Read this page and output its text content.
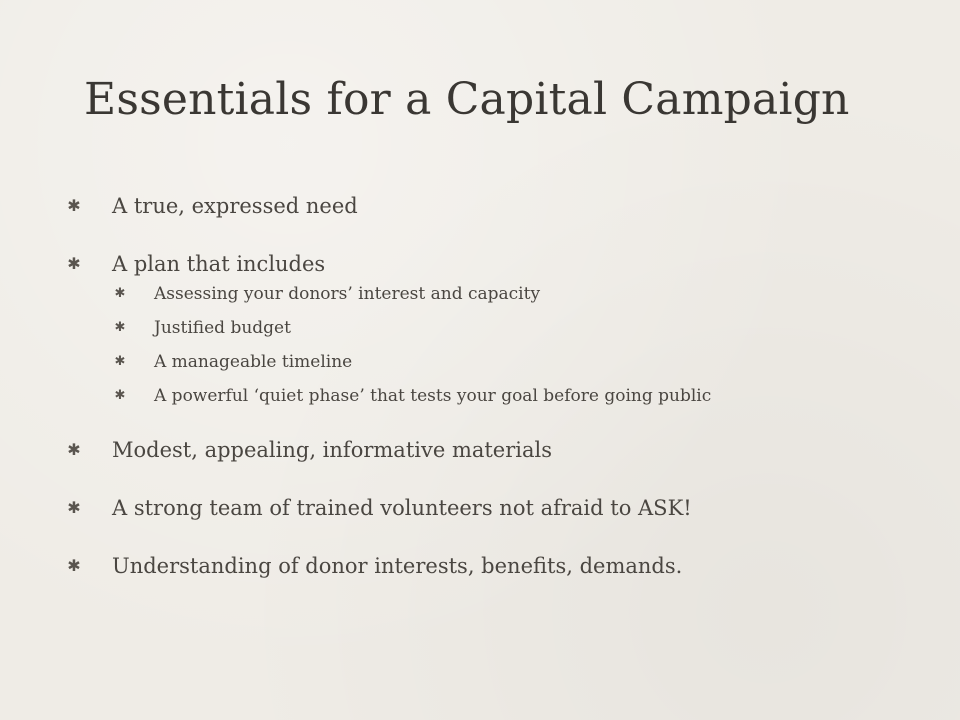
Essentials for a Capital Campaign
✱ A true, expressed need
✱ A plan that includes
✱	Assessing your donors’ interest and capacity
✱	Justified budget
✱	A manageable timeline
✱	A powerful ‘quiet phase’ that tests your goal before going public
✱ Modest, appealing, informative materials
✱ A strong team of trained volunteers not afraid to ASK!
✱ Understanding of donor interests, benefits, demands.
